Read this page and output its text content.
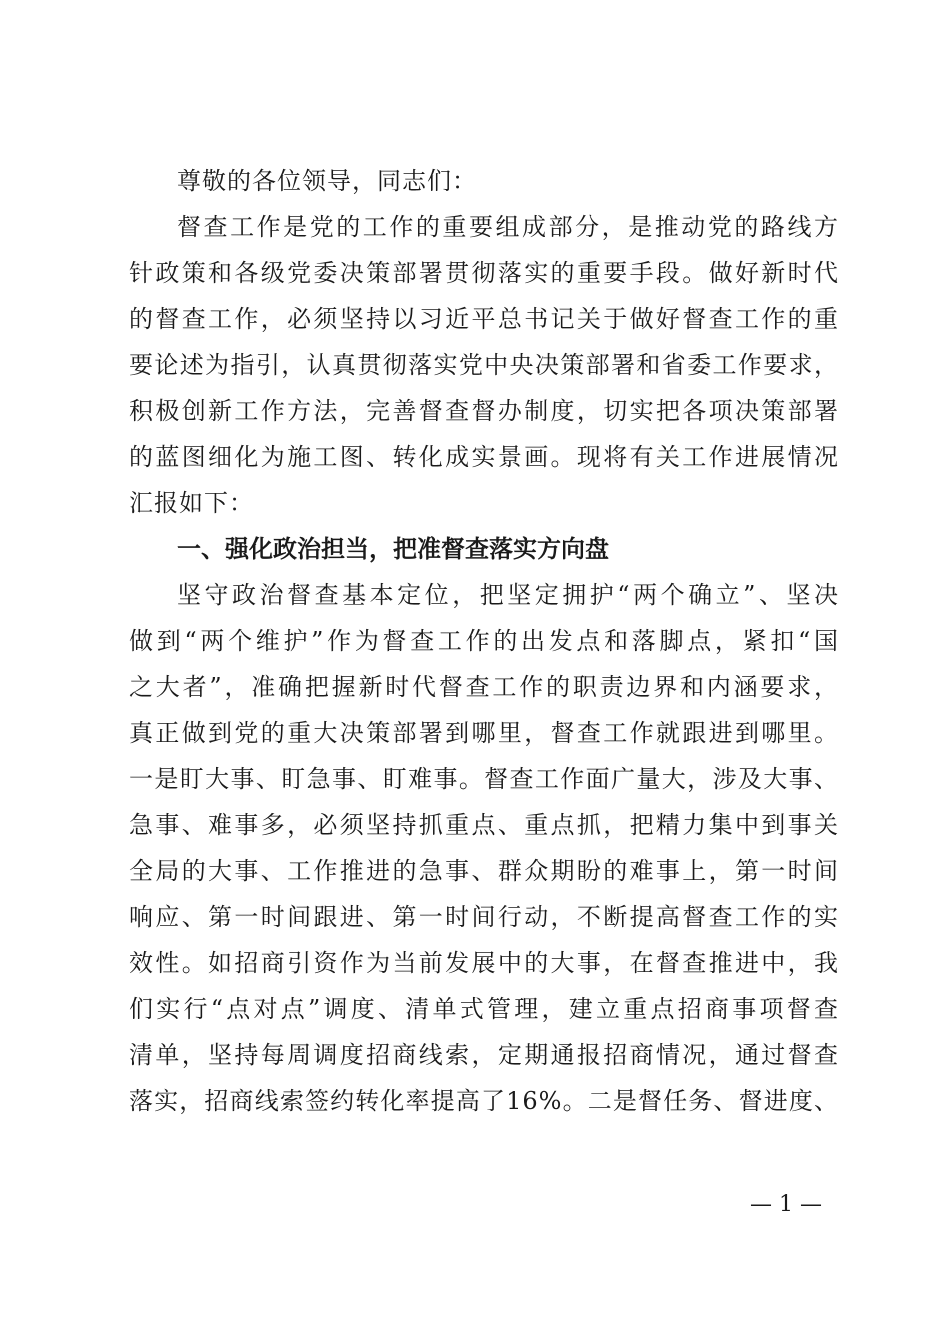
尊敬的各位领导，同志们：
督查工作是党的工作的重要组成部分，是推动党的路线方
针政策和各级党委决策部署贯彻落实的重要手段。做好新时代
的督查工作，必须坚持以习近平总书记关于做好督查工作的重
要论述为指引，认真贯彻落实党中央决策部署和省委工作要求，
积极创新工作方法，完善督查督办制度，切实把各项决策部署
的蓝图细化为施工图、转化成实景画。现将有关工作进展情况
汇报如下：
一、强化政治担当，把准督查落实方向盘
坚守政治督查基本定位，把坚定拥护“两个确立”、坚决
做到“两个维护”作为督查工作的出发点和落脚点，紧扣“国
之大者”，准确把握新时代督查工作的职责边界和内涵要求，
真正做到党的重大决策部署到哪里，督查工作就跟进到哪里。
一是盯大事、盯急事、盯难事。督查工作面广量大，涉及大事、
急事、难事多，必须坚持抓重点、重点抓，把精力集中到事关
全局的大事、工作推进的急事、群众期盼的难事上，第一时间
响应、第一时间跟进、第一时间行动，不断提高督查工作的实
效性。如招商引资作为当前发展中的大事，在督查推进中，我
们实行“点对点”调度、清单式管理，建立重点招商事项督查
清单，坚持每周调度招商线索，定期通报招商情况，通过督查
落实，招商线索签约转化率提高了16%。二是督任务、督进度、
— 1 —
